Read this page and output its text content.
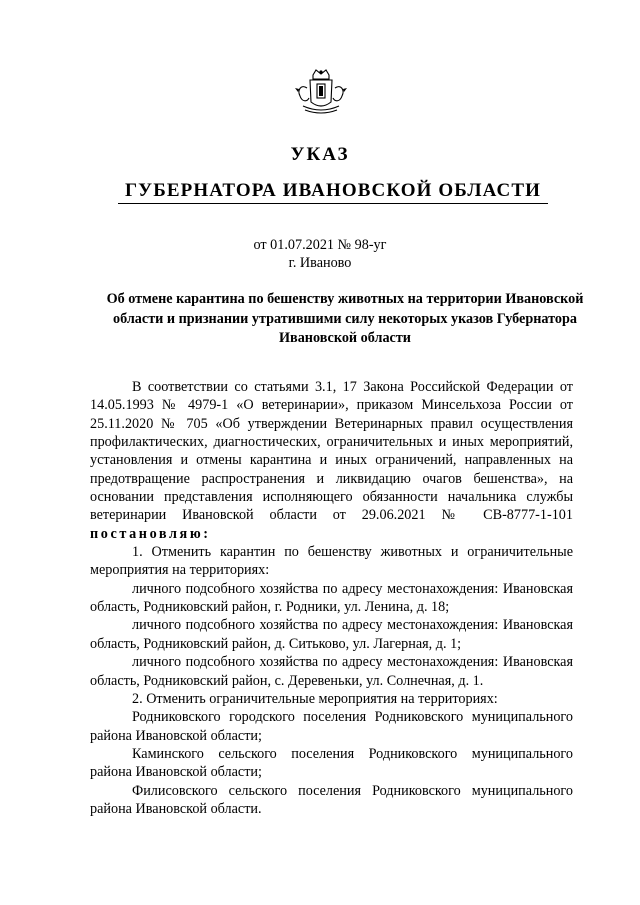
УКАЗ
ГУБЕРНАТОРА ИВАНОВСКОЙ ОБЛАСТИ
от 01.07.2021 № 98-уг
г. Иваново
Об отмене карантина по бешенству животных на территории Ивановской области и признании утратившими силу некоторых указов Губернатора Ивановской области

В соответствии со статьями 3.1, 17 Закона Российской Федерации от 14.05.1993 № 4979-1 «О ветеринарии», приказом Минсельхоза России от 25.11.2020 № 705 «Об утверждении Ветеринарных правил осуществления профилактических, диагностических, ограничительных и иных мероприятий, установления и отмены карантина и иных ограничений, направленных на предотвращение распространения и ликвидацию очагов бешенства», на основании представления исполняющего обязанности начальника службы ветеринарии Ивановской области от 29.06.2021 № СВ-8777-1-101 постановляю:

1. Отменить карантин по бешенству животных и ограничительные мероприятия на территориях:

личного подсобного хозяйства по адресу местонахождения: Ивановская область, Родниковский район, г. Родники, ул. Ленина, д. 18;

личного подсобного хозяйства по адресу местонахождения: Ивановская область, Родниковский район, д. Ситьково, ул. Лагерная, д. 1;

личного подсобного хозяйства по адресу местонахождения: Ивановская область, Родниковский район, с. Деревеньки, ул. Солнечная, д. 1.

2. Отменить ограничительные мероприятия на территориях:

Родниковского городского поселения Родниковского муниципального района Ивановской области;

Каминского сельского поселения Родниковского муниципального района Ивановской области;

Филисовского сельского поселения Родниковского муниципального района Ивановской области.
